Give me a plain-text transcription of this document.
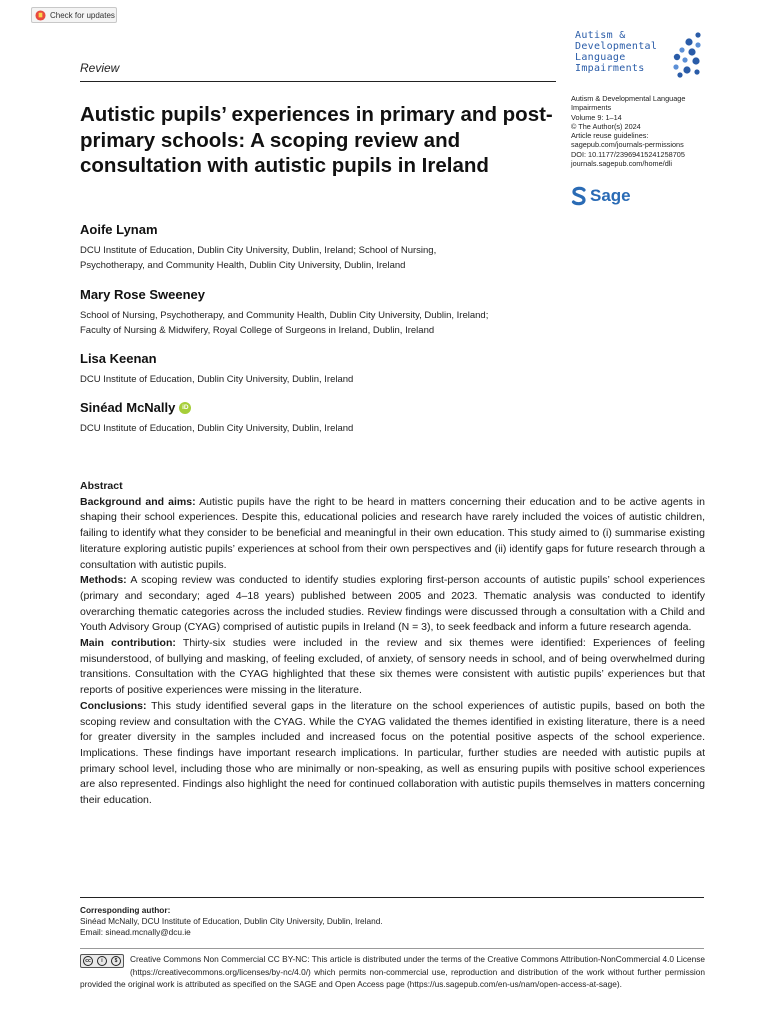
Check for updates
Review
Autism &
Developmental
Language
Impairments
Autism & Developmental Language
Impairments
Volume 9: 1–14
© The Author(s) 2024
Article reuse guidelines:
sagepub.com/journals-permissions
DOI: 10.1177/23969415241258705
journals.sagepub.com/home/dli
Sage
Autistic pupils’ experiences in primary and post-primary schools: A scoping review and consultation with autistic pupils in Ireland
Aoife Lynam
DCU Institute of Education, Dublin City University, Dublin, Ireland; School of Nursing,
Psychotherapy, and Community Health, Dublin City University, Dublin, Ireland
Mary Rose Sweeney
School of Nursing, Psychotherapy, and Community Health, Dublin City University, Dublin, Ireland;
Faculty of Nursing & Midwifery, Royal College of Surgeons in Ireland, Dublin, Ireland
Lisa Keenan
DCU Institute of Education, Dublin City University, Dublin, Ireland
Sinéad McNally	iD
DCU Institute of Education, Dublin City University, Dublin, Ireland
Abstract

Background and aims: Autistic pupils have the right to be heard in matters concerning their education and to be active agents in shaping their school experiences. Despite this, educational policies and research have rarely included the voices of autistic children, failing to identify what they consider to be beneficial and meaningful in their own education. This study aimed to (i) summarise existing literature exploring autistic pupils’ experiences at school from their own perspectives and (ii) identify gaps for future research through a consultation with autistic pupils.

Methods: A scoping review was conducted to identify studies exploring first-person accounts of autistic pupils’ school experiences (primary and secondary; aged 4–18 years) published between 2005 and 2023. Thematic analysis was conducted to identify overarching thematic categories across the included studies. Review findings were discussed through a consultation with a Child and Youth Advisory Group (CYAG) comprised of autistic pupils in Ireland (N = 3), to seek feedback and inform a future research agenda.

Main contribution: Thirty-six studies were included in the review and six themes were identified: Experiences of feeling misunderstood, of bullying and masking, of feeling excluded, of anxiety, of sensory needs in school, and of being overwhelmed during transitions. Consultation with the CYAG highlighted that these six themes were consistent with autistic pupils’ experiences but that reports of positive experiences were missing in the literature.

Conclusions: This study identified several gaps in the literature on the school experiences of autistic pupils, based on both the scoping review and consultation with the CYAG. While the CYAG validated the themes identified in existing literature, there is a need for greater diversity in the samples included and increased focus on the potential positive aspects of the school experience. Implications. These findings have important research implications. In particular, further studies are needed with autistic pupils at primary school level, including those who are minimally or non-speaking, as well as ensuring pupils with positive school experiences are also represented. Findings also highlight the need for continued collaboration with autistic pupils themselves in matters concerning their education.

Corresponding author:
Sinéad McNally, DCU Institute of Education, Dublin City University, Dublin, Ireland.
Email: sinead.mcnally@dcu.ie
cc	i	$	Creative Commons Non Commercial CC BY-NC: This article is distributed under the terms of the Creative Commons Attribution-NonCommercial 4.0 License (https://creativecommons.org/licenses/by-nc/4.0/) which permits non-commercial use, reproduction and distribution of the work without further permission provided the original work is attributed as specified on the SAGE and Open Access page (https://us.sagepub.com/en-us/nam/open-access-at-sage).
